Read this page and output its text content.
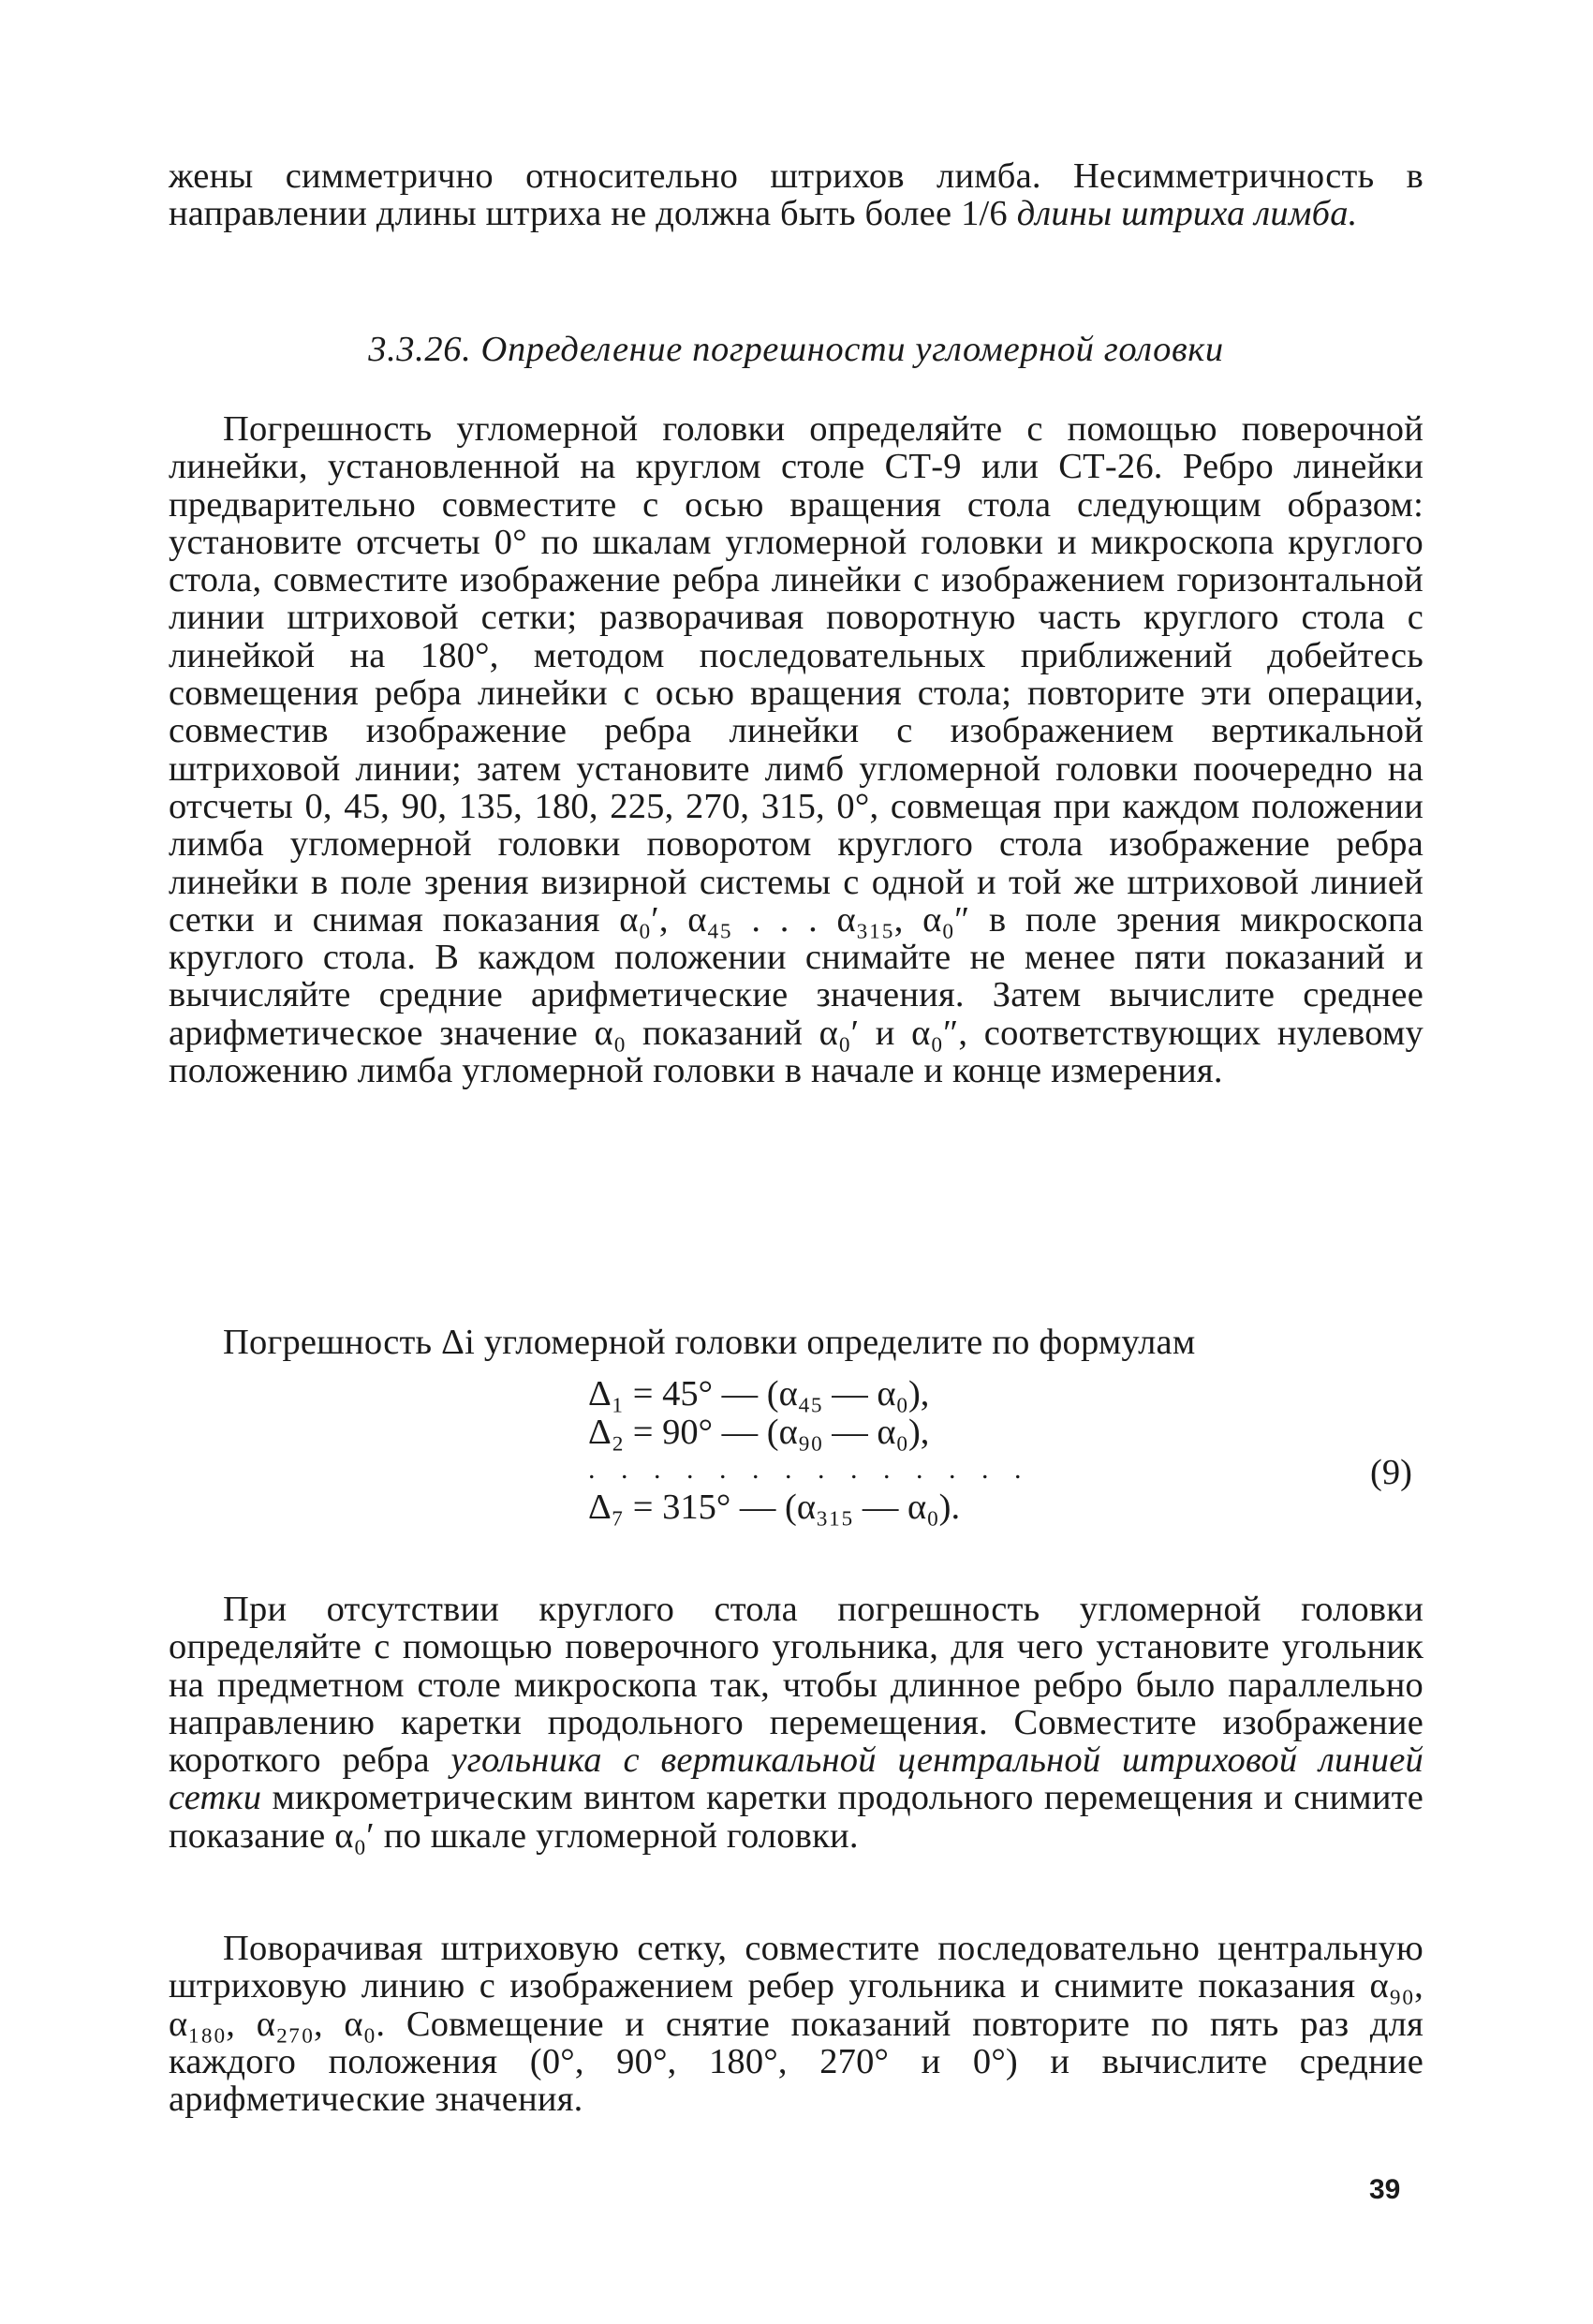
жены симметрично относительно штрихов лимба. Несимметричность в направлении длины штриха не должна быть более 1/6 длины штриха лимба.

3.3.26. Определение погрешности угломерной головки

Погрешность угломерной головки определяйте с помощью поверочной линейки, установленной на круглом столе СТ-9 или СТ-26. Ребро линейки предварительно совместите с осью вращения стола следующим образом: установите отсчеты 0° по шкалам угломерной головки и микроскопа круглого стола, совместите изображение ребра линейки с изображением горизонтальной линии штриховой сетки; разворачивая поворотную часть круглого стола с линейкой на 180°, методом последовательных приближений добейтесь совмещения ребра линейки с осью вращения стола; повторите эти операции, совместив изображение ребра линейки с изображением вертикальной штриховой линии; затем установите лимб угломерной головки поочередно на отсчеты 0, 45, 90, 135, 180, 225, 270, 315, 0°, совмещая при каждом положении лимба угломерной головки поворотом круглого стола изображение ребра линейки в поле зрения визирной системы с одной и той же штриховой линией сетки и снимая показания α₀′, α₄₅ . . . α₃₁₅, α₀″ в поле зрения микроскопа круглого стола. В каждом положении снимайте не менее пяти показаний и вычисляйте средние арифметические значения. Затем вычислите среднее арифметическое значение α₀ показаний α₀′ и α₀″, соответствующих нулевому положению лимба угломерной головки в начале и конце измерения.

Погрешность Δi угломерной головки определите по формулам

Δ₁ = 45° — (α₄₅ — α₀),
Δ₂ = 90° — (α₉₀ — α₀),
. . . . . . . . . . . . . .
Δ₇ = 315° — (α₃₁₅ — α₀).
(9)

При отсутствии круглого стола погрешность угломерной головки определяйте с помощью поверочного угольника, для чего установите угольник на предметном столе микроскопа так, чтобы длинное ребро было параллельно направлению каретки продольного перемещения. Совместите изображение короткого ребра угольника с вертикальной центральной штриховой линией сетки микрометрическим винтом каретки продольного перемещения и снимите показание α₀′ по шкале угломерной головки.

Поворачивая штриховую сетку, совместите последовательно центральную штриховую линию с изображением ребер угольника и снимите показания α₉₀, α₁₈₀, α₂₇₀, α₀. Совмещение и снятие показаний повторите по пять раз для каждого положения (0°, 90°, 180°, 270° и 0°) и вычислите средние арифметические значения.

39
